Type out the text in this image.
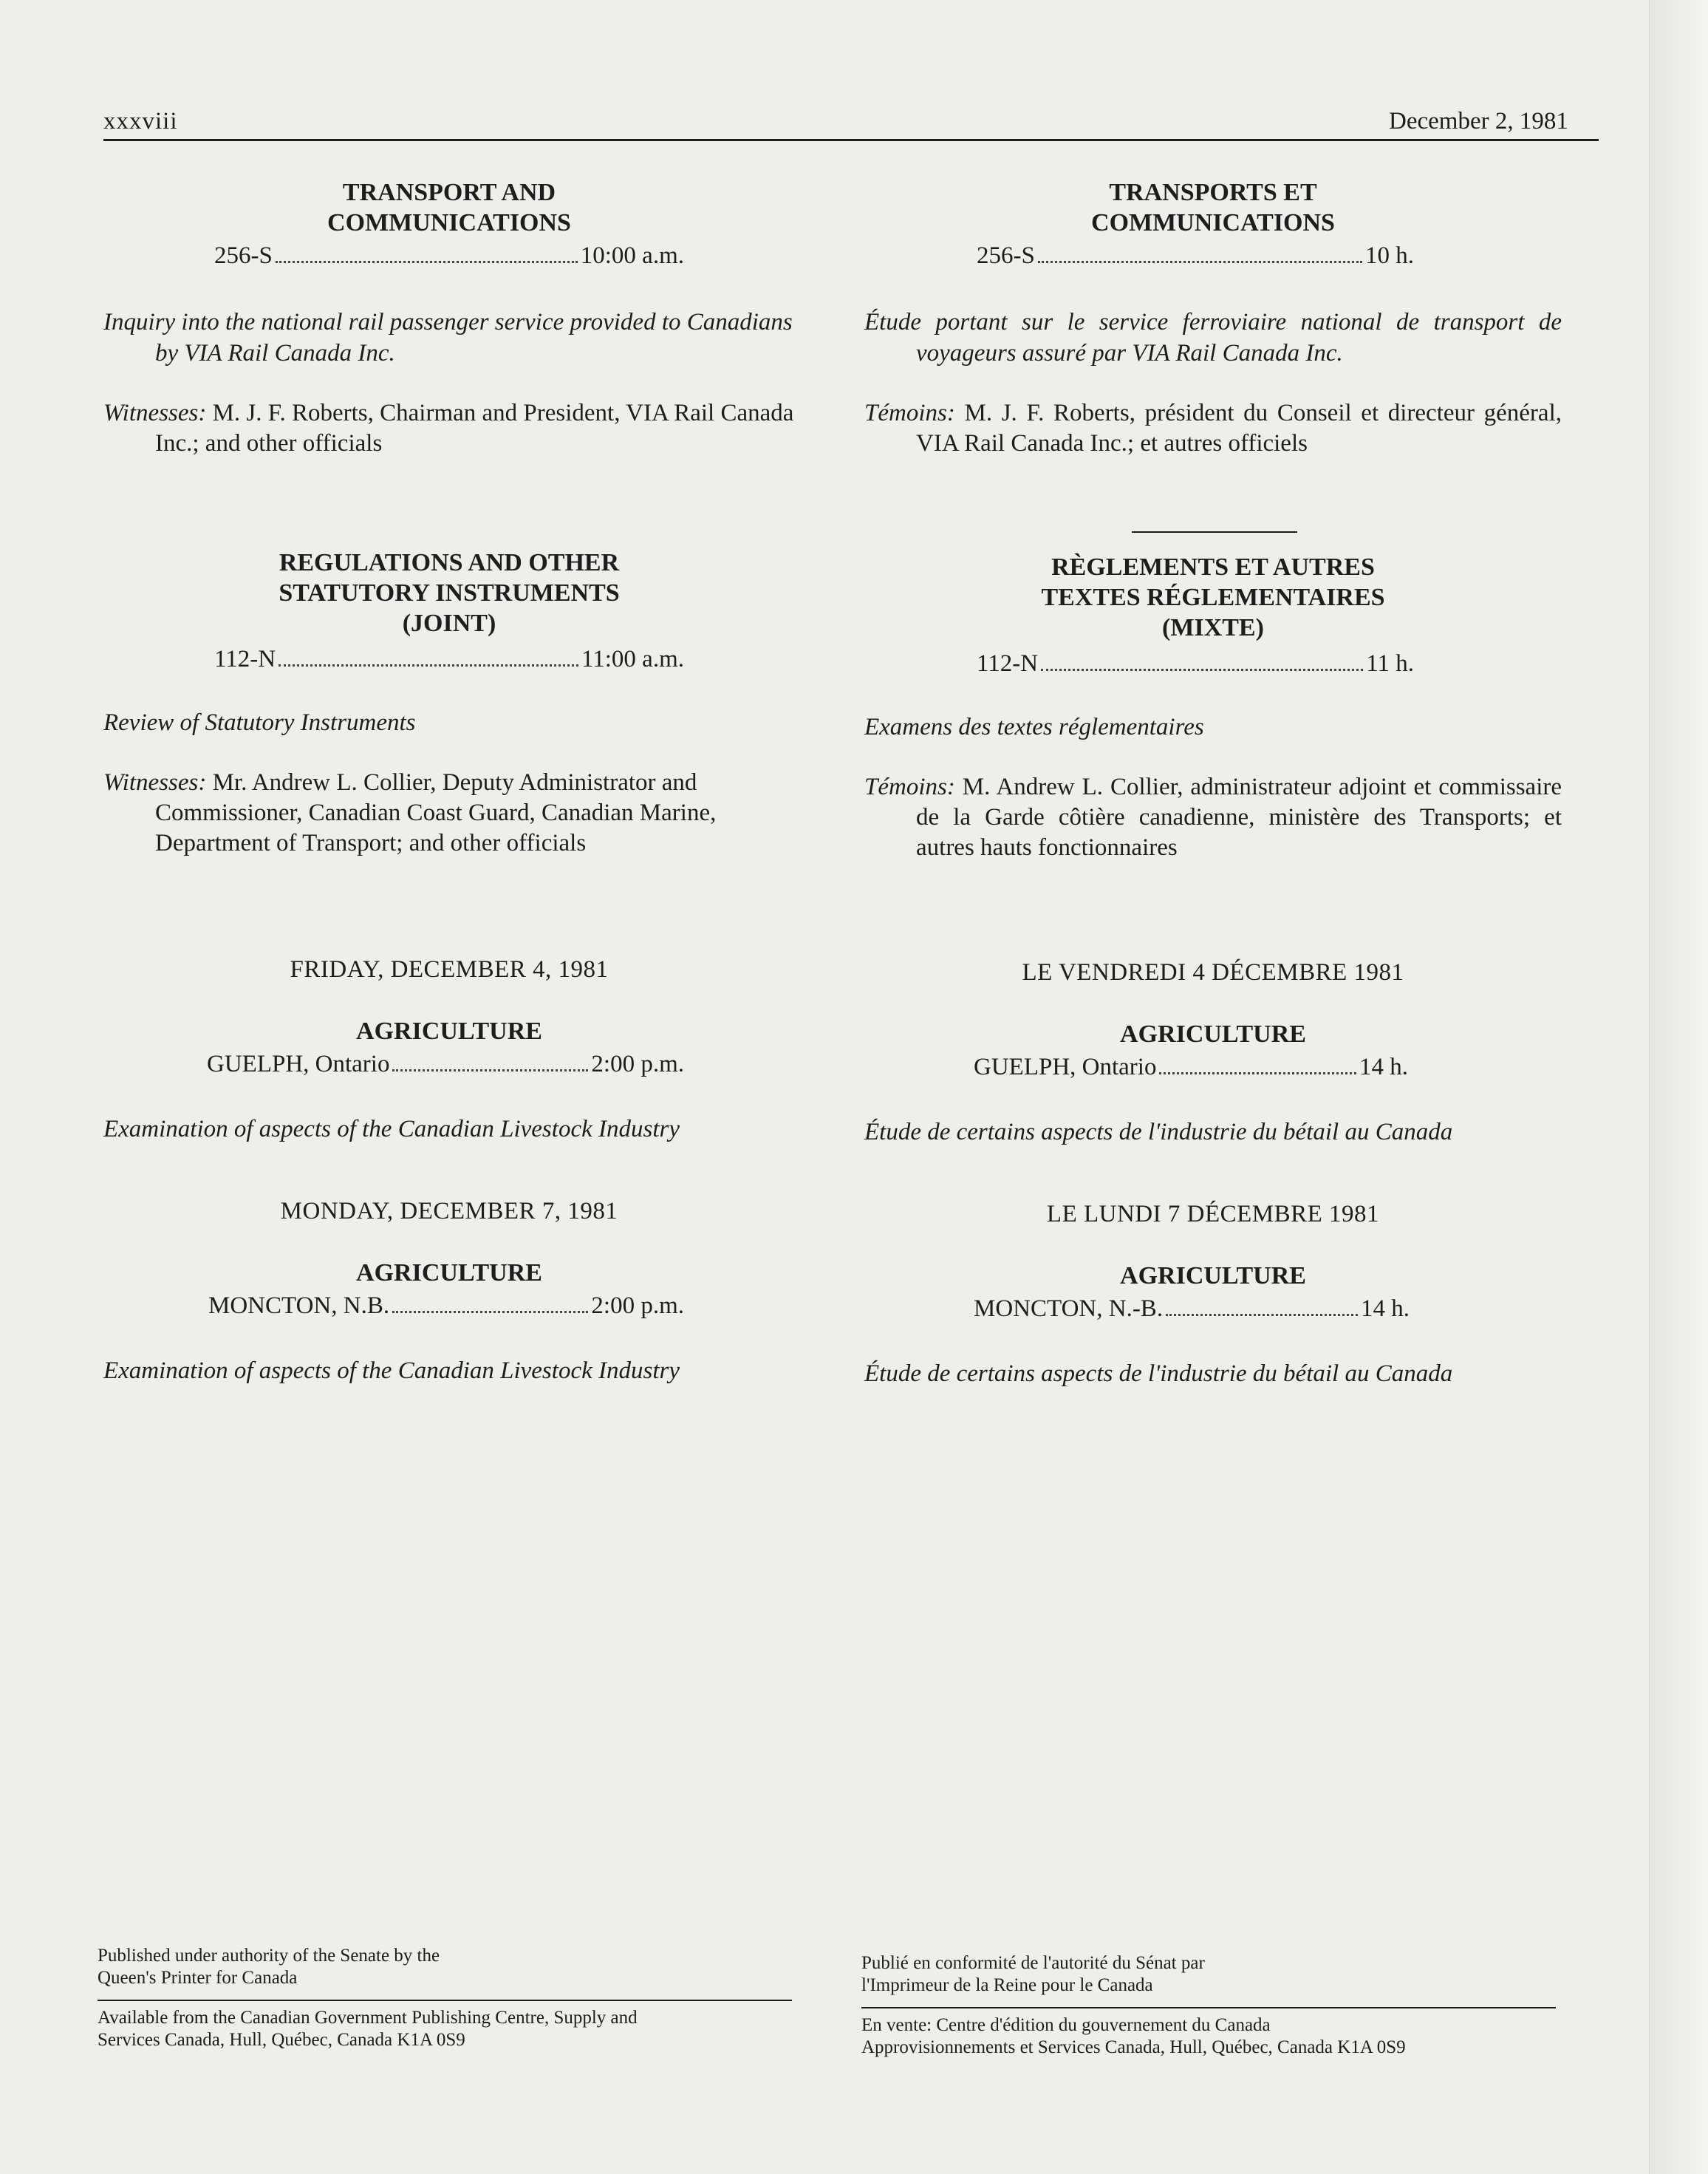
xxxviii	December 2, 1981
TRANSPORT AND
COMMUNICATIONS
256-S	10:00 a.m.
Inquiry into the national rail passenger service provided to Canadians by VIA Rail Canada Inc.
Witnesses: M. J. F. Roberts, Chairman and President, VIA Rail Canada Inc.; and other officials
REGULATIONS AND OTHER
STATUTORY INSTRUMENTS
(JOINT)
112-N	11:00 a.m.
Review of Statutory Instruments
Witnesses: Mr. Andrew L. Collier, Deputy Administrator and Commissioner, Canadian Coast Guard, Canadian Marine, Department of Transport; and other officials
FRIDAY, DECEMBER 4, 1981
AGRICULTURE
GUELPH, Ontario	2:00 p.m.
Examination of aspects of the Canadian Livestock Industry
MONDAY, DECEMBER 7, 1981
AGRICULTURE
MONCTON, N.B.	2:00 p.m.
Examination of aspects of the Canadian Livestock Industry
TRANSPORTS ET
COMMUNICATIONS
256-S	10 h.
Étude portant sur le service ferroviaire national de transport de voyageurs assuré par VIA Rail Canada Inc.
Témoins: M. J. F. Roberts, président du Conseil et directeur général, VIA Rail Canada Inc.; et autres officiels
RÈGLEMENTS ET AUTRES
TEXTES RÉGLEMENTAIRES
(MIXTE)
112-N	11 h.
Examens des textes réglementaires
Témoins: M. Andrew L. Collier, administrateur adjoint et commissaire de la Garde côtière canadienne, ministère des Transports; et autres hauts fonctionnaires
LE VENDREDI 4 DÉCEMBRE 1981
AGRICULTURE
GUELPH, Ontario	14 h.
Étude de certains aspects de l'industrie du bétail au Canada
LE LUNDI 7 DÉCEMBRE 1981
AGRICULTURE
MONCTON, N.-B.	14 h.
Étude de certains aspects de l'industrie du bétail au Canada
Published under authority of the Senate by the
Queen's Printer for Canada
Available from the Canadian Government Publishing Centre, Supply and
Services Canada, Hull, Québec, Canada K1A 0S9
Publié en conformité de l'autorité du Sénat par
l'Imprimeur de la Reine pour le Canada
En vente: Centre d'édition du gouvernement du Canada
Approvisionnements et Services Canada, Hull, Québec, Canada K1A 0S9
